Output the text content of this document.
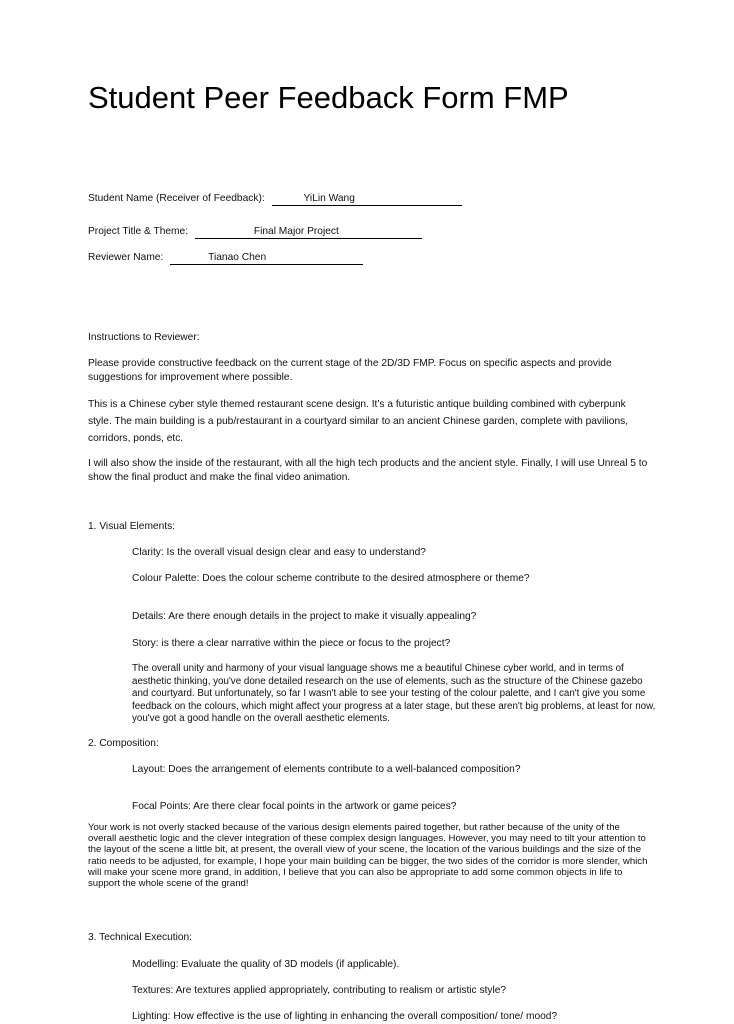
Student Peer Feedback Form FMP
Student Name (Receiver of Feedback):	YiLin Wang
Project Title & Theme:	Final Major Project
Reviewer Name:	Tianao Chen
Instructions to Reviewer:
Please provide constructive feedback on the current stage of the 2D/3D FMP. Focus on specific aspects and provide suggestions for improvement where possible.
This is a Chinese cyber style themed restaurant scene design. It’s a futuristic antique building combined with cyberpunk style. The main building is a pub/restaurant in a courtyard similar to an ancient Chinese garden, complete with pavilions, corridors, ponds, etc.
I will also show the inside of the restaurant, with all the high tech products and the ancient style. Finally, I will use Unreal 5 to show the final product and make the final video animation.
1. Visual Elements:
Clarity: Is the overall visual design clear and easy to understand?
Colour Palette: Does the colour scheme contribute to the desired atmosphere or theme?
Details: Are there enough details in the project to make it visually appealing?
Story: is there a clear narrative within the piece or focus to the project?
The overall unity and harmony of your visual language shows me a beautiful Chinese cyber world, and in terms of aesthetic thinking, you've done detailed research on the use of elements, such as the structure of the Chinese gazebo and courtyard. But unfortunately, so far I wasn't able to see your testing of the colour palette, and I can't give you some feedback on the colours, which might affect your progress at a later stage, but these aren't big problems, at least for now, you've got a good handle on the overall aesthetic elements.
2. Composition:
Layout: Does the arrangement of elements contribute to a well-balanced composition?
Focal Points: Are there clear focal points in the artwork or game peices?
Your work is not overly stacked because of the various design elements paired together, but rather because of the unity of the overall aesthetic logic and the clever integration of these complex design languages. However, you may need to tilt your attention to the layout of the scene a little bit, at present, the overall view of your scene, the location of the various buildings and the size of the ratio needs to be adjusted, for example, I hope your main building can be bigger, the two sides of the corridor is more slender, which will make your scene more grand, in addition, I believe that you can also be appropriate to add some common objects in life to support the whole scene of the grand!
3. Technical Execution:
Modelling: Evaluate the quality of 3D models (if applicable).
Textures: Are textures applied appropriately, contributing to realism or artistic style?
Lighting: How effective is the use of lighting in enhancing the overall composition/ tone/ mood?
